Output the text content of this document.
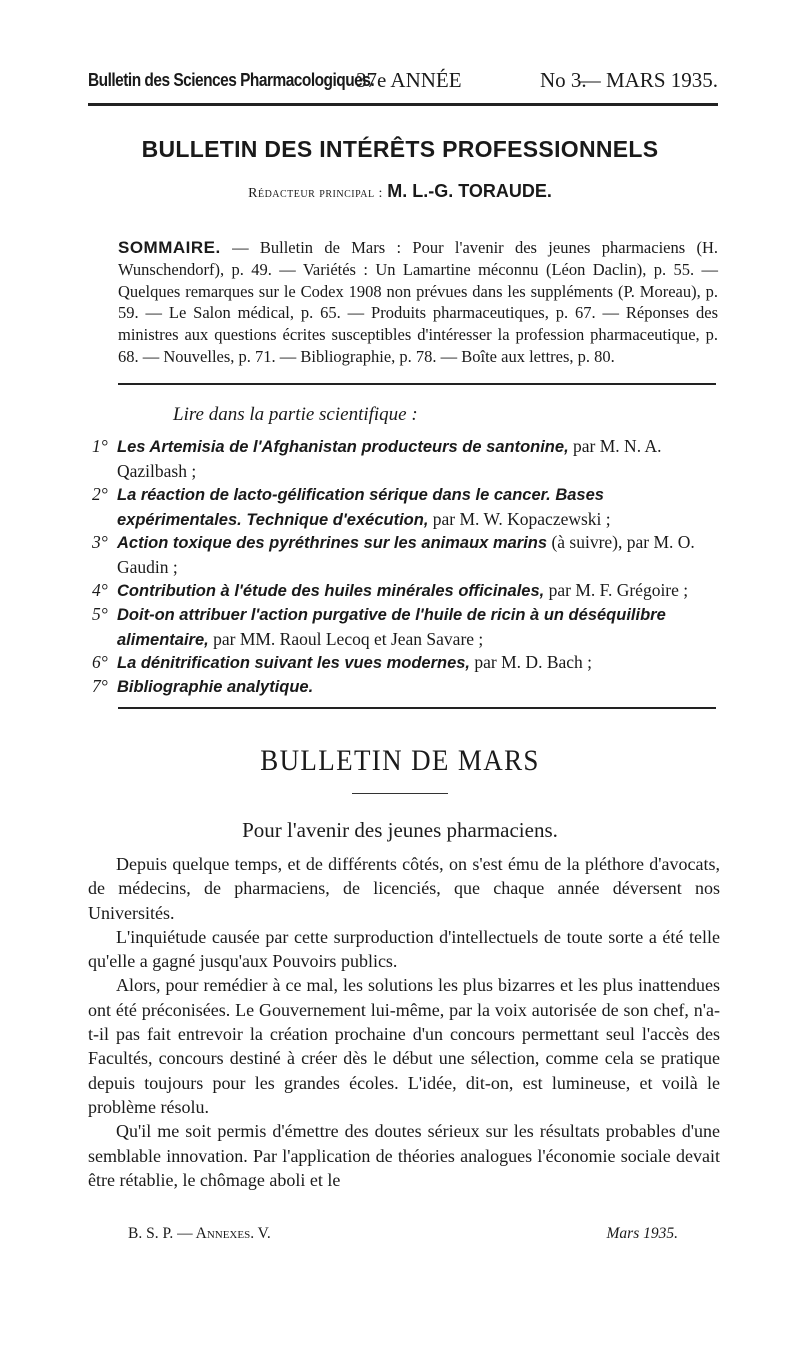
Bulletin des Sciences Pharmacologiques.
37e ANNÉE	No 3.
— MARS 1935.
BULLETIN DES INTÉRÊTS PROFESSIONNELS
Rédacteur principal : M. L.-G. TORAUDE.
SOMMAIRE. — Bulletin de Mars : Pour l'avenir des jeunes pharmaciens (H. Wunschendorf), p. 49. — Variétés : Un Lamartine méconnu (Léon Daclin), p. 55. — Quelques remarques sur le Codex 1908 non prévues dans les suppléments (P. Moreau), p. 59. — Le Salon médical, p. 65. — Produits pharmaceutiques, p. 67. — Réponses des ministres aux questions écrites susceptibles d'intéresser la profession pharmaceutique, p. 68. — Nouvelles, p. 71. — Bibliographie, p. 78. — Boîte aux lettres, p. 80.
Lire dans la partie scientifique :
1° Les Artemisia de l'Afghanistan producteurs de santonine, par M. N. A. Qazilbash ;
2° La réaction de lacto-gélification sérique dans le cancer. Bases expérimentales. Technique d'exécution, par M. W. Kopaczewski ;
3° Action toxique des pyréthrines sur les animaux marins (à suivre), par M. O. Gaudin ;
4° Contribution à l'étude des huiles minérales officinales, par M. F. Grégoire ;
5° Doit-on attribuer l'action purgative de l'huile de ricin à un déséquilibre alimentaire, par MM. Raoul Lecoq et Jean Savare ;
6° La dénitrification suivant les vues modernes, par M. D. Bach ;
7° Bibliographie analytique.
BULLETIN DE MARS
Pour l'avenir des jeunes pharmaciens.

Depuis quelque temps, et de différents côtés, on s'est ému de la pléthore d'avocats, de médecins, de pharmaciens, de licenciés, que chaque année déversent nos Universités.

L'inquiétude causée par cette surproduction d'intellectuels de toute sorte a été telle qu'elle a gagné jusqu'aux Pouvoirs publics.

Alors, pour remédier à ce mal, les solutions les plus bizarres et les plus inattendues ont été préconisées. Le Gouvernement lui-même, par la voix autorisée de son chef, n'a-t-il pas fait entrevoir la création prochaine d'un concours permettant seul l'accès des Facultés, concours destiné à créer dès le début une sélection, comme cela se pratique depuis toujours pour les grandes écoles. L'idée, dit-on, est lumineuse, et voilà le problème résolu.

Qu'il me soit permis d'émettre des doutes sérieux sur les résultats probables d'une semblable innovation. Par l'application de théories analogues l'économie sociale devait être rétablie, le chômage aboli et le

B. S. P. — Annexes. V.	Mars 1935.
